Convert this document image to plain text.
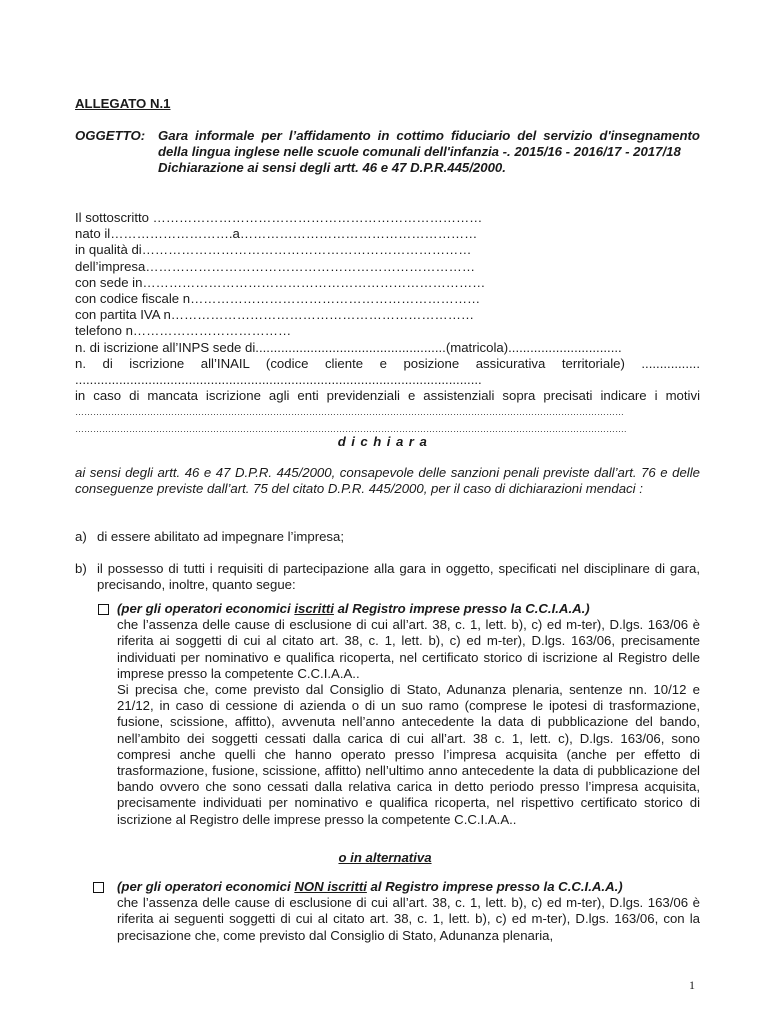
ALLEGATO N.1
OGGETTO: Gara informale per l’affidamento in cottimo fiduciario del servizio d'insegnamento della lingua inglese nelle scuole comunali dell'infanzia -. 2015/16 - 2016/17 - 2017/18
Dichiarazione ai sensi degli artt. 46 e 47 D.P.R.445/2000.
Il sottoscritto …………………………………………………………………
nato il……………………….a………………………………………………
in qualità di…………………………………………………………………
dell’impresa…………………………………………………………………
con sede in……………………………………………………………………
con codice fiscale n…………………………………………………………
con partita IVA n……………………………………………………………
telefono n………………………………
n. di iscrizione all’INPS sede di....................................................(matricola)...............................
n. di iscrizione all’INAIL (codice cliente e posizione assicurativa territoriale) ................
...............................................................................................................
in caso di mancata iscrizione agli enti previdenziali e assistenziali sopra precisati indicare i motivi
…………………………………………………………………………………………………………………………………………………………………
………………………………………………………………………………………………………………………………………………………………….
dichiara
ai sensi degli artt. 46 e 47 D.P.R. 445/2000, consapevole delle sanzioni penali previste dall’art. 76 e delle conseguenze previste dall’art. 75 del citato D.P.R. 445/2000, per il caso di dichiarazioni mendaci :
a) di essere abilitato ad impegnare l’impresa;
b) il possesso di tutti i requisiti di partecipazione alla gara in oggetto, specificati nel disciplinare di gara, precisando, inoltre, quanto segue:
(per gli operatori economici iscritti al Registro imprese presso la C.C.I.A.A.)
che l’assenza delle cause di esclusione di cui all’art. 38, c. 1, lett. b), c) ed m-ter), D.lgs. 163/06 è riferita ai soggetti di cui al citato art. 38, c. 1, lett. b), c) ed m-ter), D.lgs. 163/06, precisamente individuati per nominativo e qualifica ricoperta, nel certificato storico di iscrizione al Registro delle imprese presso la competente C.C.I.A.A..
Si precisa che, come previsto dal Consiglio di Stato, Adunanza plenaria, sentenze nn. 10/12 e 21/12, in caso di cessione di azienda o di un suo ramo (comprese le ipotesi di trasformazione, fusione, scissione, affitto), avvenuta nell’anno antecedente la data di pubblicazione del bando, nell’ambito dei soggetti cessati dalla carica di cui all’art. 38 c. 1, lett. c), D.lgs. 163/06, sono compresi anche quelli che hanno operato presso l’impresa acquisita (anche per effetto di trasformazione, fusione, scissione, affitto) nell’ultimo anno antecedente la data di pubblicazione del bando ovvero che sono cessati dalla relativa carica in detto periodo presso l’impresa acquisita, precisamente individuati per nominativo e qualifica ricoperta, nel rispettivo certificato storico di iscrizione al Registro delle imprese presso la competente C.C.I.A.A..
o in alternativa
(per gli operatori economici NON iscritti al Registro imprese presso la C.C.I.A.A.)
che l’assenza delle cause di esclusione di cui all’art. 38, c. 1, lett. b), c) ed m-ter), D.lgs. 163/06 è riferita ai seguenti soggetti di cui al citato art. 38, c. 1, lett. b), c) ed m-ter), D.lgs. 163/06, con la precisazione che, come previsto dal Consiglio di Stato, Adunanza plenaria,
1
